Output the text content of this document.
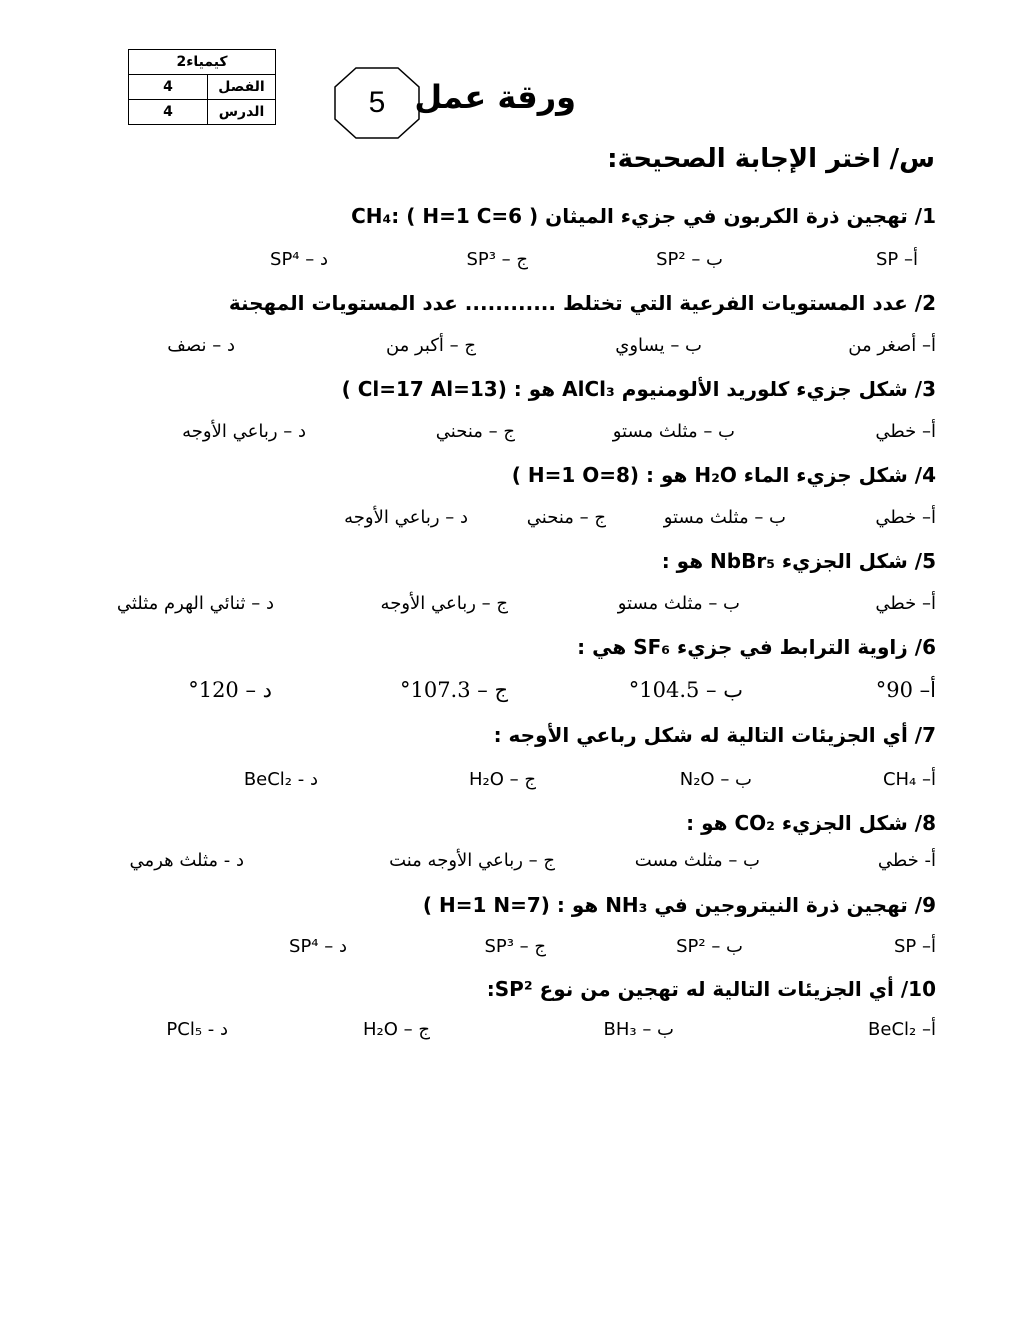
كيمياء2	
4	الفصل
4	الدرس	5 ورقة عمل
س/ اختر الإجابة الصحيحة:
1/ تهجين ذرة الكربون في جزيء الميثان CH₄: ( H=1 C=6 )
أ– SP
ب – SP²
ج – SP³
د – SP⁴
2/ عدد المستويات الفرعية التي تختلط ............ عدد المستويات المهجنة
أ– أصغر من
ب – يساوي
ج – أكبر من
د – نصف
3/ شكل جزيء كلوريد الألومنيوم AlCl₃ هو : (Cl=17 Al=13 )
أ– خطي
ب – مثلث مستو
ج – منحني
د – رباعي الأوجه
4/ شكل جزيء الماء H₂O هو : (H=1 O=8 )
أ– خطي
ب – مثلث مستو
ج – منحني
د – رباعي الأوجه
5/ شكل الجزيء NbBr₅ هو :
أ– خطي
ب – مثلث مستو
ج – رباعي الأوجه
د – ثنائي الهرم مثلثي
6/ زاوية الترابط في جزيء SF₆ هي :
أ– 90°
ب – 104.5°
ج – 107.3°
د – 120°
7/ أي الجزيئات التالية له شكل رباعي الأوجه :
أ– CH₄
ب – N₂O
ج – H₂O
د - BeCl₂
8/ شكل الجزيء CO₂ هو :
أ- خطي
ب – مثلث مست
ج – رباعي الأوجه منت
د - مثلث هرمي
9/ تهجين ذرة النيتروجين في NH₃ هو : (H=1 N=7 )
أ– SP
ب – SP²
ج – SP³
د – SP⁴
10/ أي الجزيئات التالية له تهجين من نوع SP²:
أ– BeCl₂
ب – BH₃
ج – H₂O
د - PCl₅
